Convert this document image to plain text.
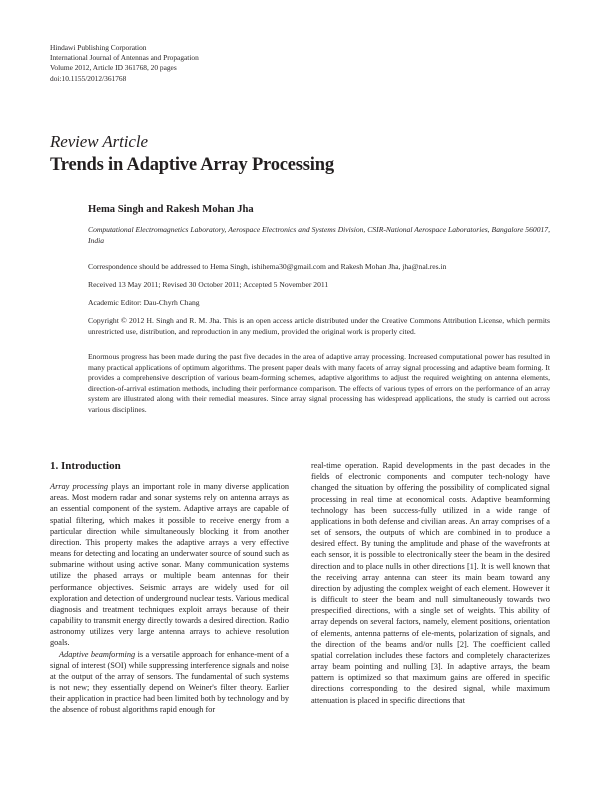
Hindawi Publishing Corporation
International Journal of Antennas and Propagation
Volume 2012, Article ID 361768, 20 pages
doi:10.1155/2012/361768
Review Article
Trends in Adaptive Array Processing
Hema Singh and Rakesh Mohan Jha
Computational Electromagnetics Laboratory, Aerospace Electronics and Systems Division, CSIR-National Aerospace Laboratories, Bangalore 560017, India
Correspondence should be addressed to Hema Singh, ishihema30@gmail.com and Rakesh Mohan Jha, jha@nal.res.in
Received 13 May 2011; Revised 30 October 2011; Accepted 5 November 2011
Academic Editor: Dau-Chyrh Chang
Copyright © 2012 H. Singh and R. M. Jha. This is an open access article distributed under the Creative Commons Attribution License, which permits unrestricted use, distribution, and reproduction in any medium, provided the original work is properly cited.
Enormous progress has been made during the past five decades in the area of adaptive array processing. Increased computational power has resulted in many practical applications of optimum algorithms. The present paper deals with many facets of array signal processing and adaptive beam forming. It provides a comprehensive description of various beam-forming schemes, adaptive algorithms to adjust the required weighting on antenna elements, direction-of-arrival estimation methods, including their performance comparison. The effects of various types of errors on the performance of an array system are illustrated along with their remedial measures. Since array signal processing has widespread applications, the study is carried out across various disciplines.

1. Introduction

Array processing plays an important role in many diverse application areas. Most modern radar and sonar systems rely on antenna arrays as an essential component of the system. Adaptive arrays are capable of spatial filtering, which makes it possible to receive energy from a particular direction while simultaneously blocking it from another direction. This property makes the adaptive arrays a very effective means for detecting and locating an underwater source of sound such as submarine without using active sonar. Many communication systems utilize the phased arrays or multiple beam antennas for their performance objectives. Seismic arrays are widely used for oil exploration and detection of underground nuclear tests. Various medical diagnosis and treatment techniques exploit arrays because of their capability to transmit energy directly towards a desired direction. Radio astronomy utilizes very large antenna arrays to achieve resolution goals.

Adaptive beamforming is a versatile approach for enhance-ment of a signal of interest (SOI) while suppressing interference signals and noise at the output of the array of sensors. The fundamental of such systems is not new; they essentially depend on Weiner's filter theory. Earlier their application in practice had been limited both by technology and by the absence of robust algorithms rapid enough for

real-time operation. Rapid developments in the past decades in the fields of electronic components and computer tech-nology have changed the situation by offering the possibility of complicated signal processing in real time at economical costs. Adaptive beamforming technology has been success-fully utilized in a wide range of applications in both defense and civilian areas. An array comprises of a set of sensors, the outputs of which are combined in to produce a desired effect. By tuning the amplitude and phase of the wavefronts at each sensor, it is possible to electronically steer the beam in the desired direction and to place nulls in other directions [1]. It is well known that the receiving array antenna can steer its main beam toward any direction by adjusting the complex weight of each element. However it is difficult to steer the beam and null simultaneously towards two prespecified directions, with a single set of weights. This ability of array depends on several factors, namely, element positions, orientation of elements, antenna patterns of ele-ments, polarization of signals, and the direction of the beams and/or nulls [2]. The coefficient called spatial correlation includes these factors and completely characterizes array beam pointing and nulling [3]. In adaptive arrays, the beam pattern is optimized so that maximum gains are offered in specific directions corresponding to the desired signal, while maximum attenuation is placed in specific directions that
